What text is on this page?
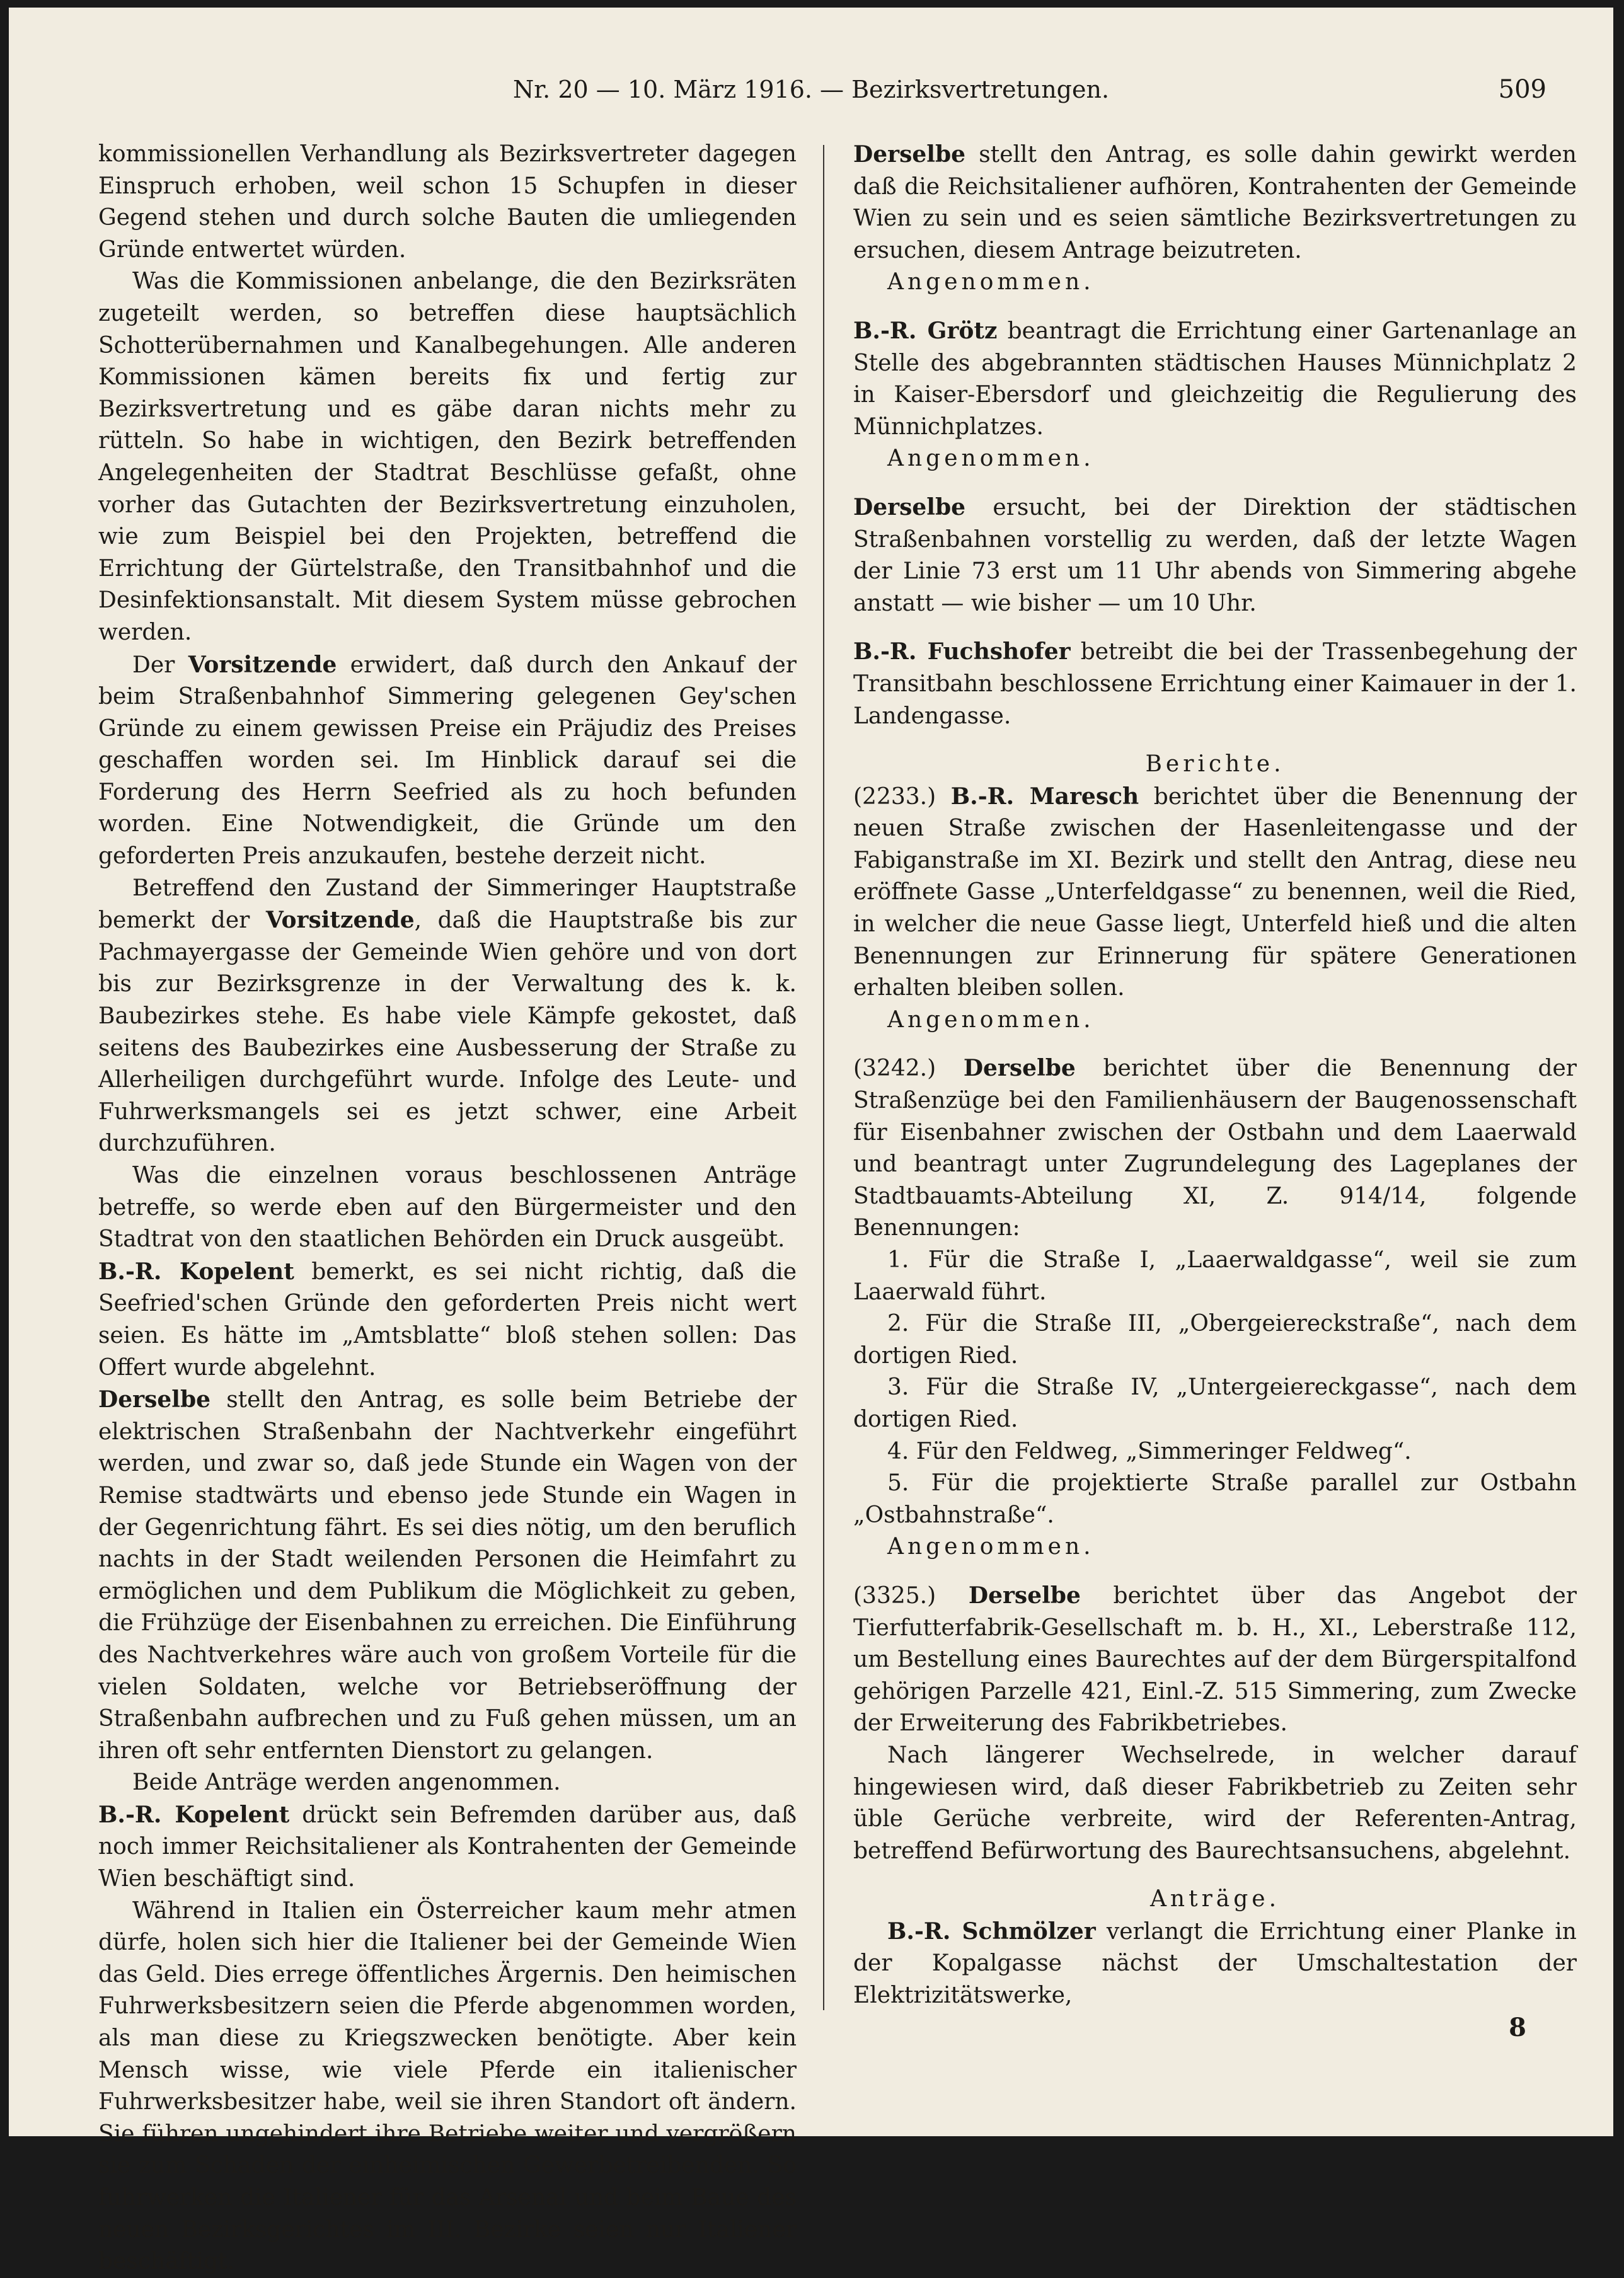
Nr. 20 — 10. März 1916. — Bezirksvertretungen.	509

kommissionellen Verhandlung als Bezirksvertreter dagegen Einspruch erhoben, weil schon 15 Schupfen in dieser Gegend stehen und durch solche Bauten die umliegenden Gründe entwertet würden.

Was die Kommissionen anbelange, die den Bezirksräten zugeteilt werden, so betreffen diese hauptsächlich Schotterübernahmen und Kanalbegehungen. Alle anderen Kommissionen kämen bereits fix und fertig zur Bezirksvertretung und es gäbe daran nichts mehr zu rütteln. So habe in wichtigen, den Bezirk betreffenden Angelegenheiten der Stadtrat Beschlüsse gefaßt, ohne vorher das Gutachten der Bezirksvertretung einzuholen, wie zum Beispiel bei den Projekten, betreffend die Errichtung der Gürtelstraße, den Transitbahnhof und die Desinfektionsanstalt. Mit diesem System müsse gebrochen werden.

Der Vorsitzende erwidert, daß durch den Ankauf der beim Straßenbahnhof Simmering gelegenen Gey'schen Gründe zu einem gewissen Preise ein Präjudiz des Preises geschaffen worden sei. Im Hinblick darauf sei die Forderung des Herrn Seefried als zu hoch befunden worden. Eine Notwendigkeit, die Gründe um den geforderten Preis anzukaufen, bestehe derzeit nicht.

Betreffend den Zustand der Simmeringer Hauptstraße bemerkt der Vorsitzende, daß die Hauptstraße bis zur Pachmayergasse der Gemeinde Wien gehöre und von dort bis zur Bezirksgrenze in der Verwaltung des k. k. Baubezirkes stehe. Es habe viele Kämpfe gekostet, daß seitens des Baubezirkes eine Ausbesserung der Straße zu Allerheiligen durchgeführt wurde. Infolge des Leute- und Fuhrwerksmangels sei es jetzt schwer, eine Arbeit durchzuführen.

Was die einzelnen voraus beschlossenen Anträge betreffe, so werde eben auf den Bürgermeister und den Stadtrat von den staatlichen Behörden ein Druck ausgeübt.

B.-R. Kopelent bemerkt, es sei nicht richtig, daß die Seefried'schen Gründe den geforderten Preis nicht wert seien. Es hätte im „Amtsblatte“ bloß stehen sollen: Das Offert wurde abgelehnt.

Derselbe stellt den Antrag, es solle beim Betriebe der elektrischen Straßenbahn der Nachtverkehr eingeführt werden, und zwar so, daß jede Stunde ein Wagen von der Remise stadtwärts und ebenso jede Stunde ein Wagen in der Gegenrichtung fährt. Es sei dies nötig, um den beruflich nachts in der Stadt weilenden Personen die Heimfahrt zu ermöglichen und dem Publikum die Möglichkeit zu geben, die Frühzüge der Eisenbahnen zu erreichen. Die Einführung des Nachtverkehres wäre auch von großem Vorteile für die vielen Soldaten, welche vor Betriebseröffnung der Straßenbahn aufbrechen und zu Fuß gehen müssen, um an ihren oft sehr entfernten Dienstort zu gelangen.

Beide Anträge werden angenommen.

B.-R. Kopelent drückt sein Befremden darüber aus, daß noch immer Reichsitaliener als Kontrahenten der Gemeinde Wien beschäftigt sind.

Während in Italien ein Österreicher kaum mehr atmen dürfe, holen sich hier die Italiener bei der Gemeinde Wien das Geld. Dies errege öffentliches Ärgernis. Den heimischen Fuhrwerksbesitzern seien die Pferde abgenommen worden, als man diese zu Kriegszwecken benötigte. Aber kein Mensch wisse, wie viele Pferde ein italienischer Fuhrwerksbesitzer habe, weil sie ihren Standort oft ändern. Sie führen ungehindert ihre Betriebe weiter und vergrößern sie zum Schaden der einheimischen Gewerbetreibenden. So fuhrwerken die Italiener für das Arsenal und beim Baue des neuen Bezirksgerichtes im III. Bezirke seien nur Italiener beschäftigt.

Derselbe stellt den Antrag, es solle dahin gewirkt werden daß die Reichsitaliener aufhören, Kontrahenten der Gemeinde Wien zu sein und es seien sämtliche Bezirksvertretungen zu ersuchen, diesem Antrage beizutreten.

Angenommen.

B.-R. Grötz beantragt die Errichtung einer Gartenanlage an Stelle des abgebrannten städtischen Hauses Münnichplatz 2 in Kaiser-Ebersdorf und gleichzeitig die Regulierung des Münnichplatzes.

Angenommen.

Derselbe ersucht, bei der Direktion der städtischen Straßenbahnen vorstellig zu werden, daß der letzte Wagen der Linie 73 erst um 11 Uhr abends von Simmering abgehe anstatt — wie bisher — um 10 Uhr.

B.-R. Fuchshofer betreibt die bei der Trassenbegehung der Transitbahn beschlossene Errichtung einer Kaimauer in der 1. Landengasse.

Berichte.

(2233.) B.-R. Maresch berichtet über die Benennung der neuen Straße zwischen der Hasenleitengasse und der Fabiganstraße im XI. Bezirk und stellt den Antrag, diese neu eröffnete Gasse „Unterfeldgasse“ zu benennen, weil die Ried, in welcher die neue Gasse liegt, Unterfeld hieß und die alten Benennungen zur Erinnerung für spätere Generationen erhalten bleiben sollen.

Angenommen.

(3242.) Derselbe berichtet über die Benennung der Straßenzüge bei den Familienhäusern der Baugenossenschaft für Eisenbahner zwischen der Ostbahn und dem Laaerwald und beantragt unter Zugrundelegung des Lageplanes der Stadtbauamts-Abteilung XI, Z. 914/14, folgende Benennungen:

1. Für die Straße I, „Laaerwaldgasse“, weil sie zum Laaerwald führt.

2. Für die Straße III, „Obergeiereckstraße“, nach dem dortigen Ried.

3. Für die Straße IV, „Untergeiereckgasse“, nach dem dortigen Ried.

4. Für den Feldweg, „Simmeringer Feldweg“.

5. Für die projektierte Straße parallel zur Ostbahn „Ostbahnstraße“.

Angenommen.

(3325.) Derselbe berichtet über das Angebot der Tierfutterfabrik-Gesellschaft m. b. H., XI., Leberstraße 112, um Bestellung eines Baurechtes auf der dem Bürgerspitalfond gehörigen Parzelle 421, Einl.-Z. 515 Simmering, zum Zwecke der Erweiterung des Fabrikbetriebes.

Nach längerer Wechselrede, in welcher darauf hingewiesen wird, daß dieser Fabrikbetrieb zu Zeiten sehr üble Gerüche verbreite, wird der Referenten-Antrag, betreffend Befürwortung des Baurechtsansuchens, abgelehnt.

Anträge.

B.-R. Schmölzer verlangt die Errichtung einer Planke in der Kopalgasse nächst der Umschaltestation der Elektrizitätswerke,

8
